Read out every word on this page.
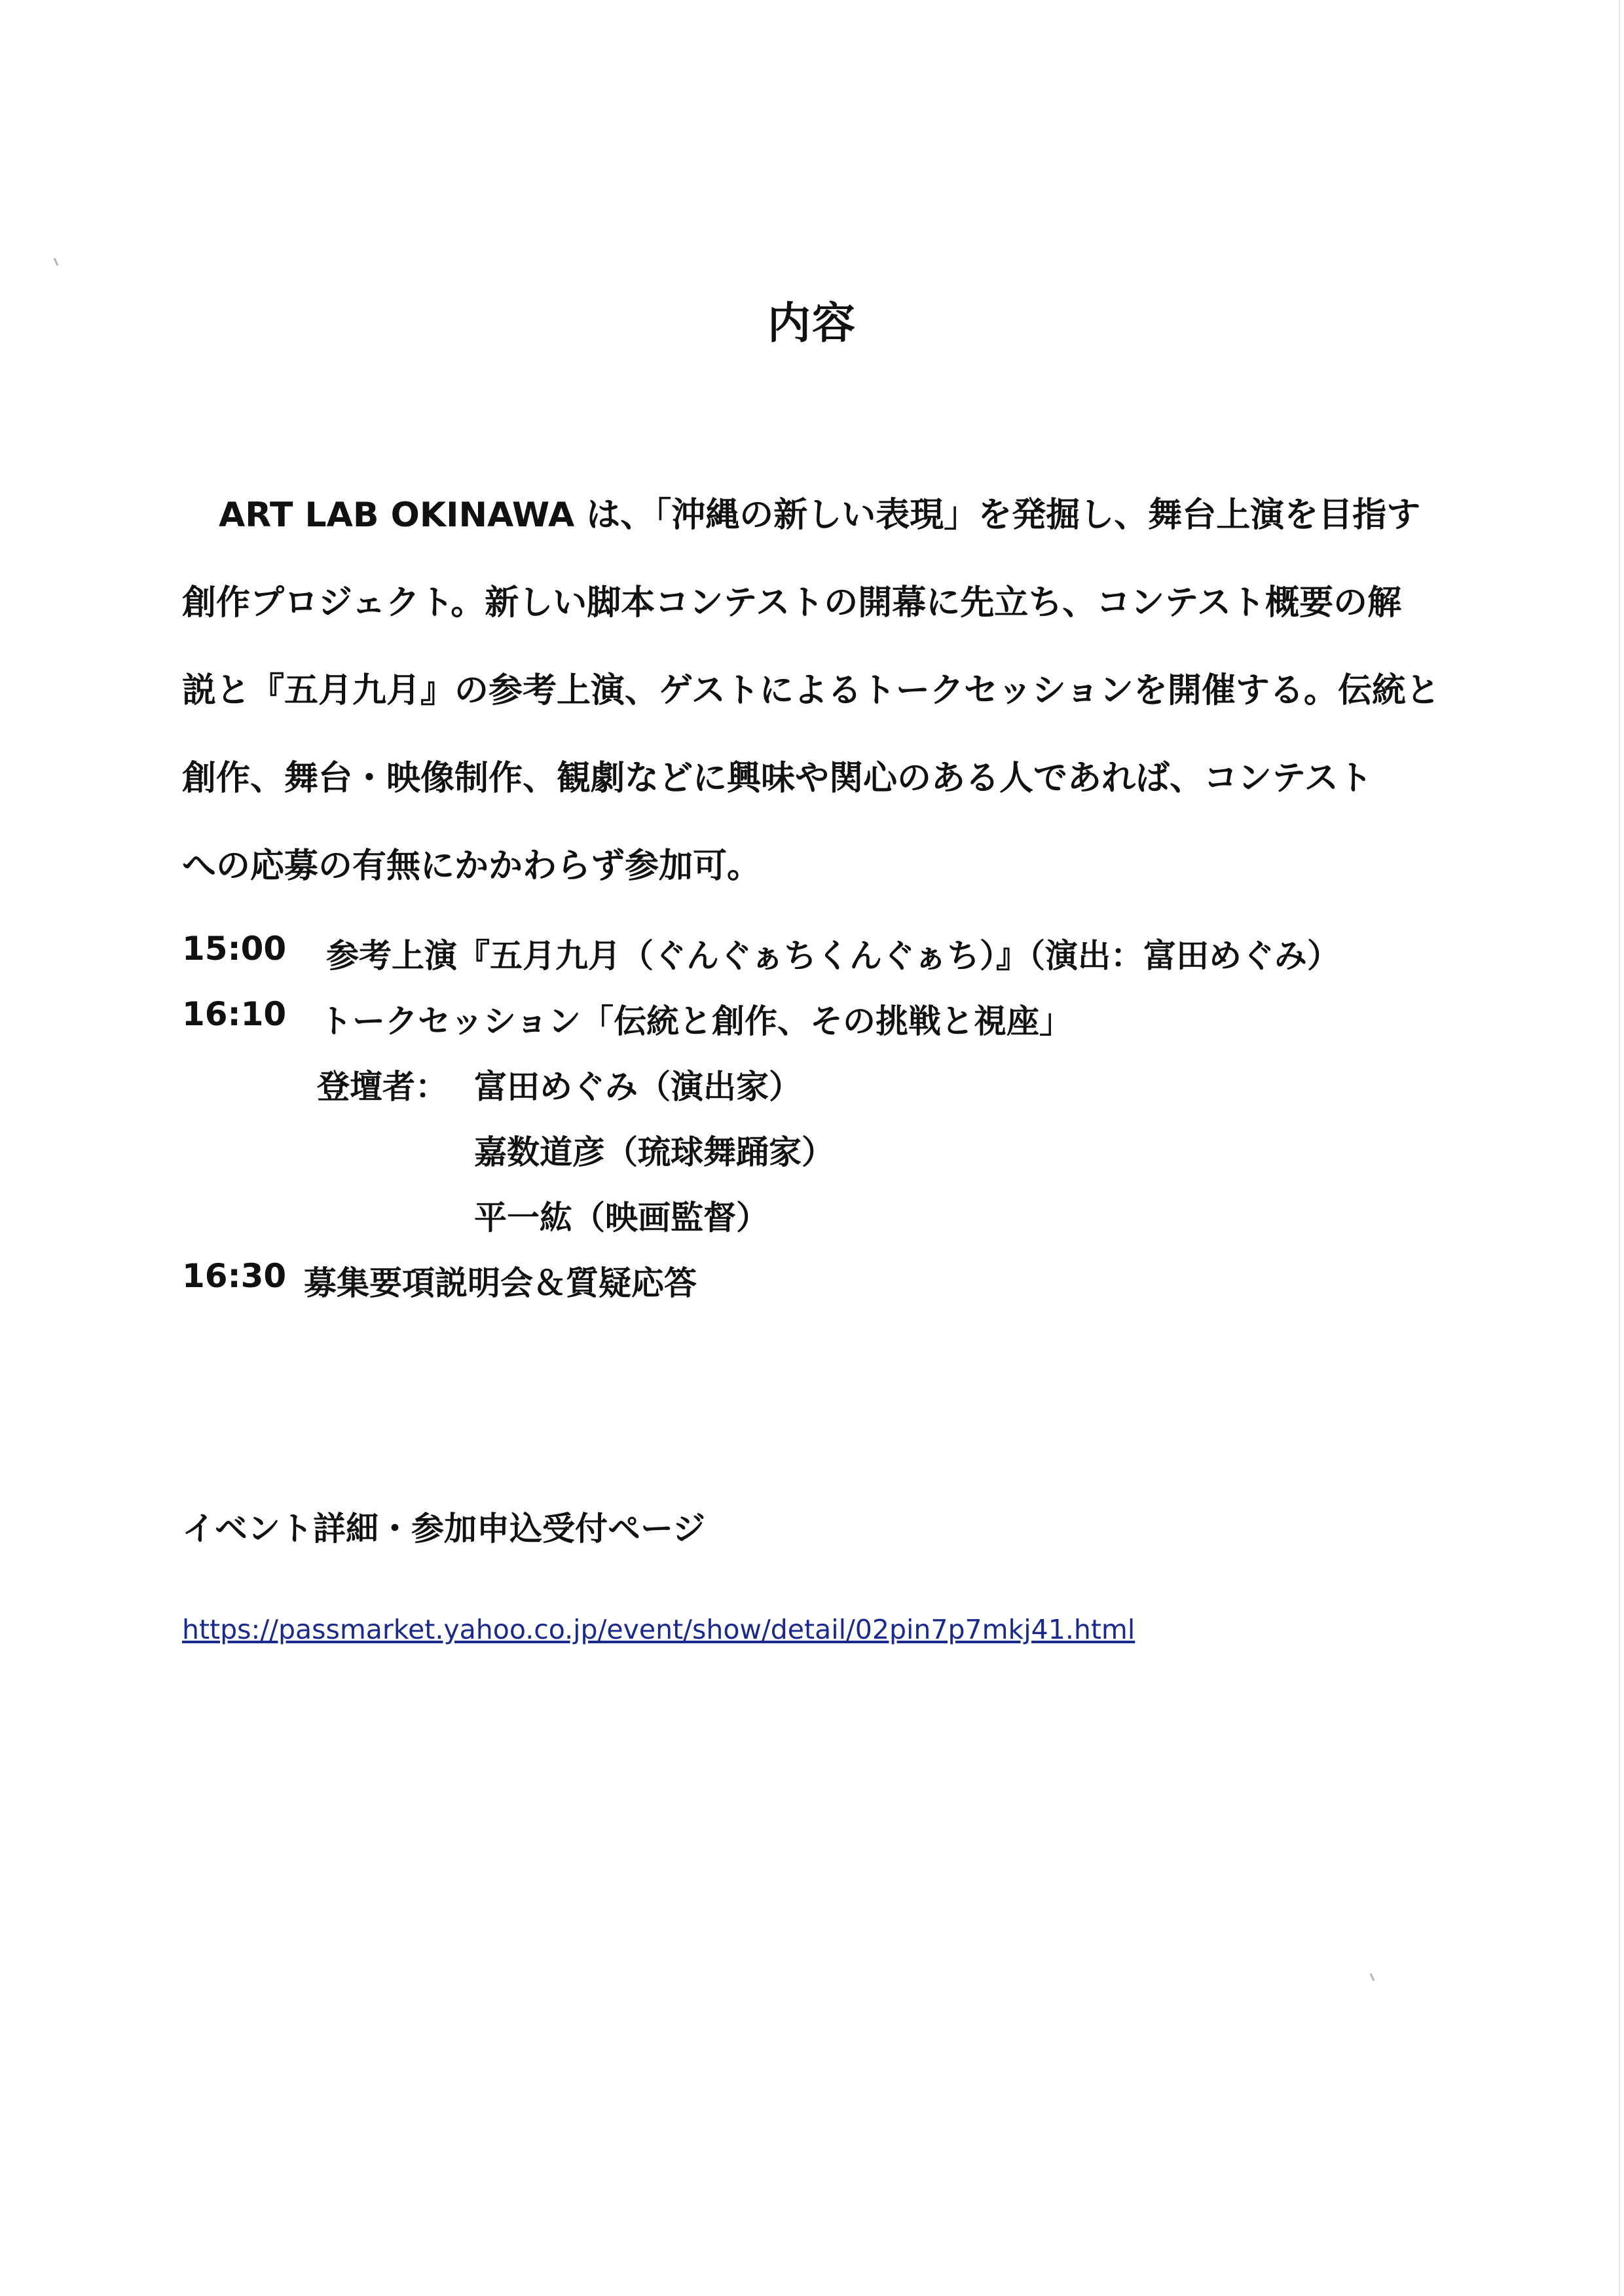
内容
ART LAB OKINAWA は、「沖縄の新しい表現」を発掘し、舞台上演を目指す
創作プロジェクト。新しい脚本コンテストの開幕に先立ち、コンテスト概要の解
説と『五月九月』の参考上演、ゲストによるトークセッションを開催する。伝統と
創作、舞台・映像制作、観劇などに興味や関心のある人であれば、コンテスト
への応募の有無にかかわらず参加可。
15:00 参考上演『五月九月（ぐんぐぁちくんぐぁち）』（演出：富田めぐみ）
16:10 トークセッション「伝統と創作、その挑戦と視座」
登壇者： 富田めぐみ（演出家）
嘉数道彦（琉球舞踊家）
平一紘（映画監督）
16:30 募集要項説明会＆質疑応答
イベント詳細・参加申込受付ページ
https://passmarket.yahoo.co.jp/event/show/detail/02pin7p7mkj41.html
